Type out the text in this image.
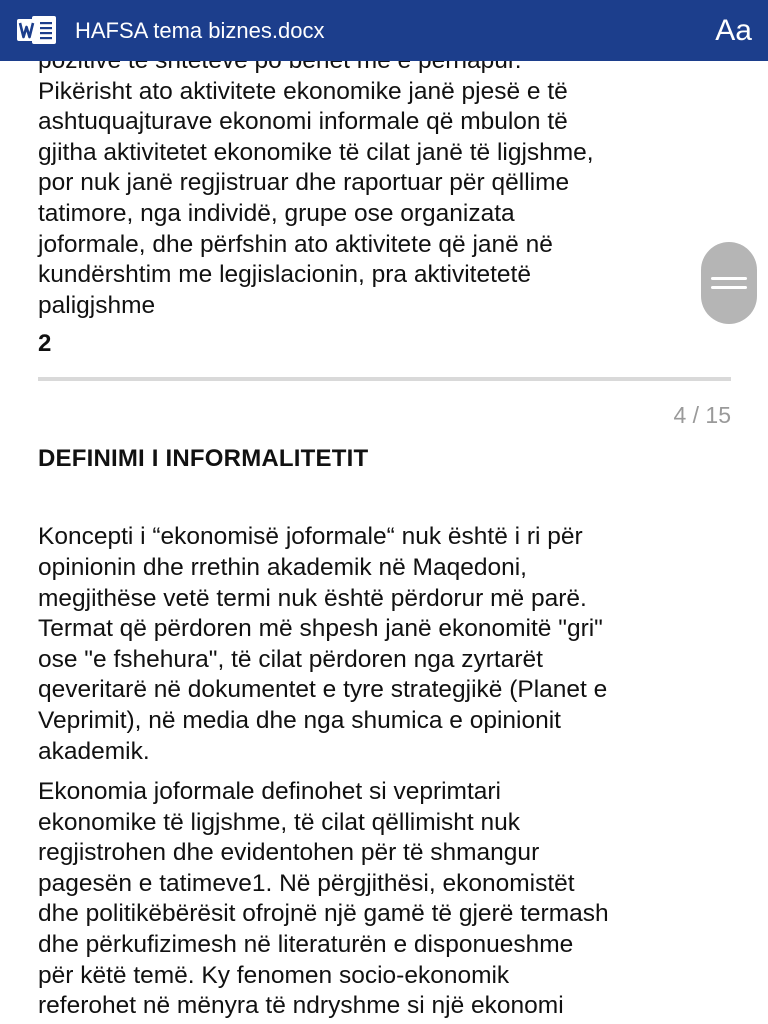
Pikërisht ato aktivitete ekonomike janë pjesë e të
ashtuquajturave ekonomi informale që mbulon të
gjitha aktivitetet ekonomike të cilat janë të ligjshme,
por nuk janë regjistruar dhe raportuar për qëllime
tatimore, nga individë, grupe ose organizata
joformale, dhe përfshin ato aktivitete që janë në
kundërshtim me legjislacionin, pra aktivitetetë
paligjshme

2
4 / 15
DEFINIMI I INFORMALITETIT

Koncepti i “ekonomisë joformale“ nuk është i ri për
opinionin dhe rrethin akademik në Maqedoni,
megjithëse vetë termi nuk është përdorur më parë.
Termat që përdoren më shpesh janë ekonomitë "gri"
ose "e fshehura", të cilat përdoren nga zyrtarët
qeveritarë në dokumentet e tyre strategjikë (Planet e
Veprimit), në media dhe nga shumica e opinionit
akademik.

Ekonomia joformale definohet si veprimtari
ekonomike të ligjshme, të cilat qëllimisht nuk
regjistrohen dhe evidentohen për të shmangur
pagesën e tatimeve1. Në përgjithësi, ekonomistët
dhe politikëbërësit ofrojnë një gamë të gjerë termash
dhe përkufizimesh në literaturën e disponueshme
për këtë temë. Ky fenomen socio-ekonomik
referohet në mënyra të ndryshme si një ekonomi

HAFSA tema biznes.docx	Aa
